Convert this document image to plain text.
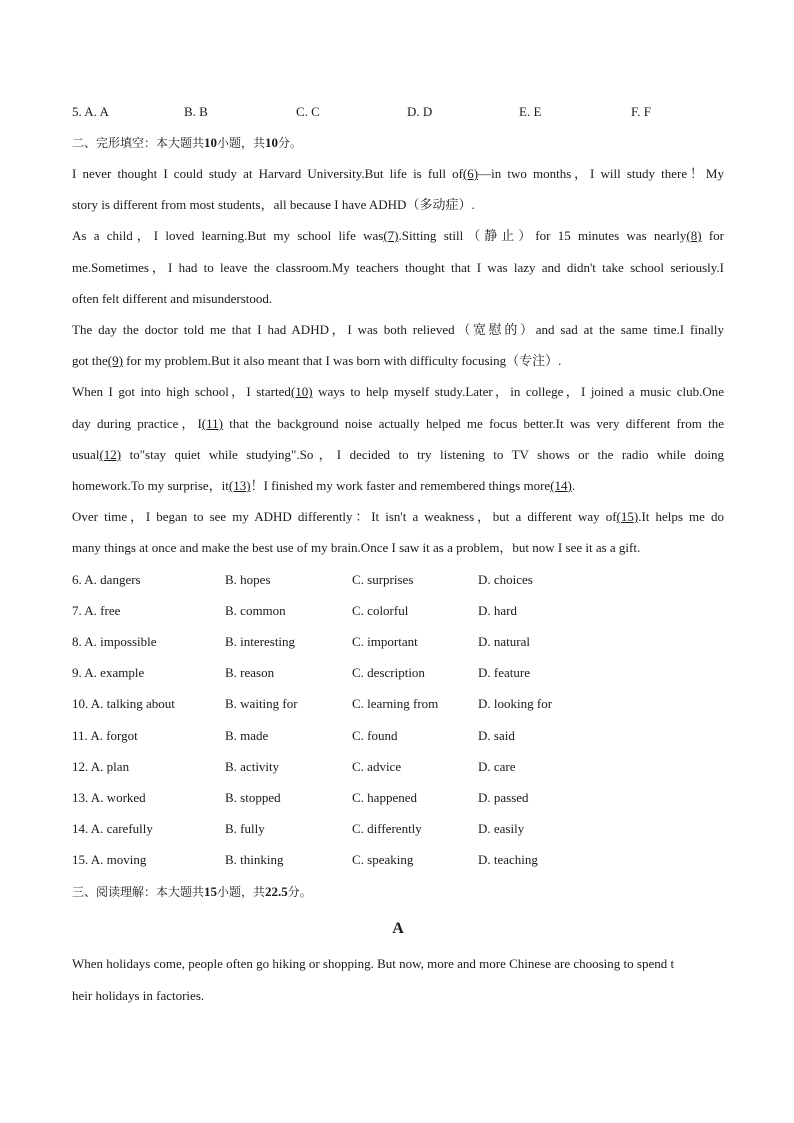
5. A. A	B. B	C. C	D. D	E. E	F. F
二、完形填空：本大题共10小题，共10分。
I never thought I could study at Harvard University.But life is full of(6)—in two months，I will study there！My
story is different from most students，all because I have ADHD（多动症）.
As a child，I loved learning.But my school life was(7).Sitting still（静止）for 15 minutes was nearly(8) for
me.Sometimes，I had to leave the classroom.My teachers thought that I was lazy and didn't take school seriously.I
often felt different and misunderstood.
The day the doctor told me that I had ADHD，I was both relieved（宽慰的）and sad at the same time.I finally
got the(9) for my problem.But it also meant that I was born with difficulty focusing（专注）.
When I got into high school，I started(10) ways to help myself study.Later，in college，I joined a music club.One
day during practice，I(11) that the background noise actually helped me focus better.It was very different from the
usual(12) to"stay quiet while studying".So，I decided to try listening to TV shows or the radio while doing
homework.To my surprise，it(13)！I finished my work faster and remembered things more(14).
Over time，I began to see my ADHD differently：It isn't a weakness，but a different way of(15).It helps me do
many things at once and make the best use of my brain.Once I saw it as a problem，but now I see it as a gift.
6. A. dangers	B. hopes	C. surprises	D. choices
7. A. free	B. common	C. colorful	D. hard
8. A. impossible	B. interesting	C. important	D. natural
9. A. example	B. reason	C. description	D. feature
10. A. talking about	B. waiting for	C. learning from	D. looking for
11. A. forgot	B. made	C. found	D. said
12. A. plan	B. activity	C. advice	D. care
13. A. worked	B. stopped	C. happened	D. passed
14. A. carefully	B. fully	C. differently	D. easily
15. A. moving	B. thinking	C. speaking	D. teaching
三、阅读理解：本大题共15小题，共22.5分。
A
When holidays come, people often go hiking or shopping. But now, more and more Chinese are choosing to spend t
heir holidays in factories.
